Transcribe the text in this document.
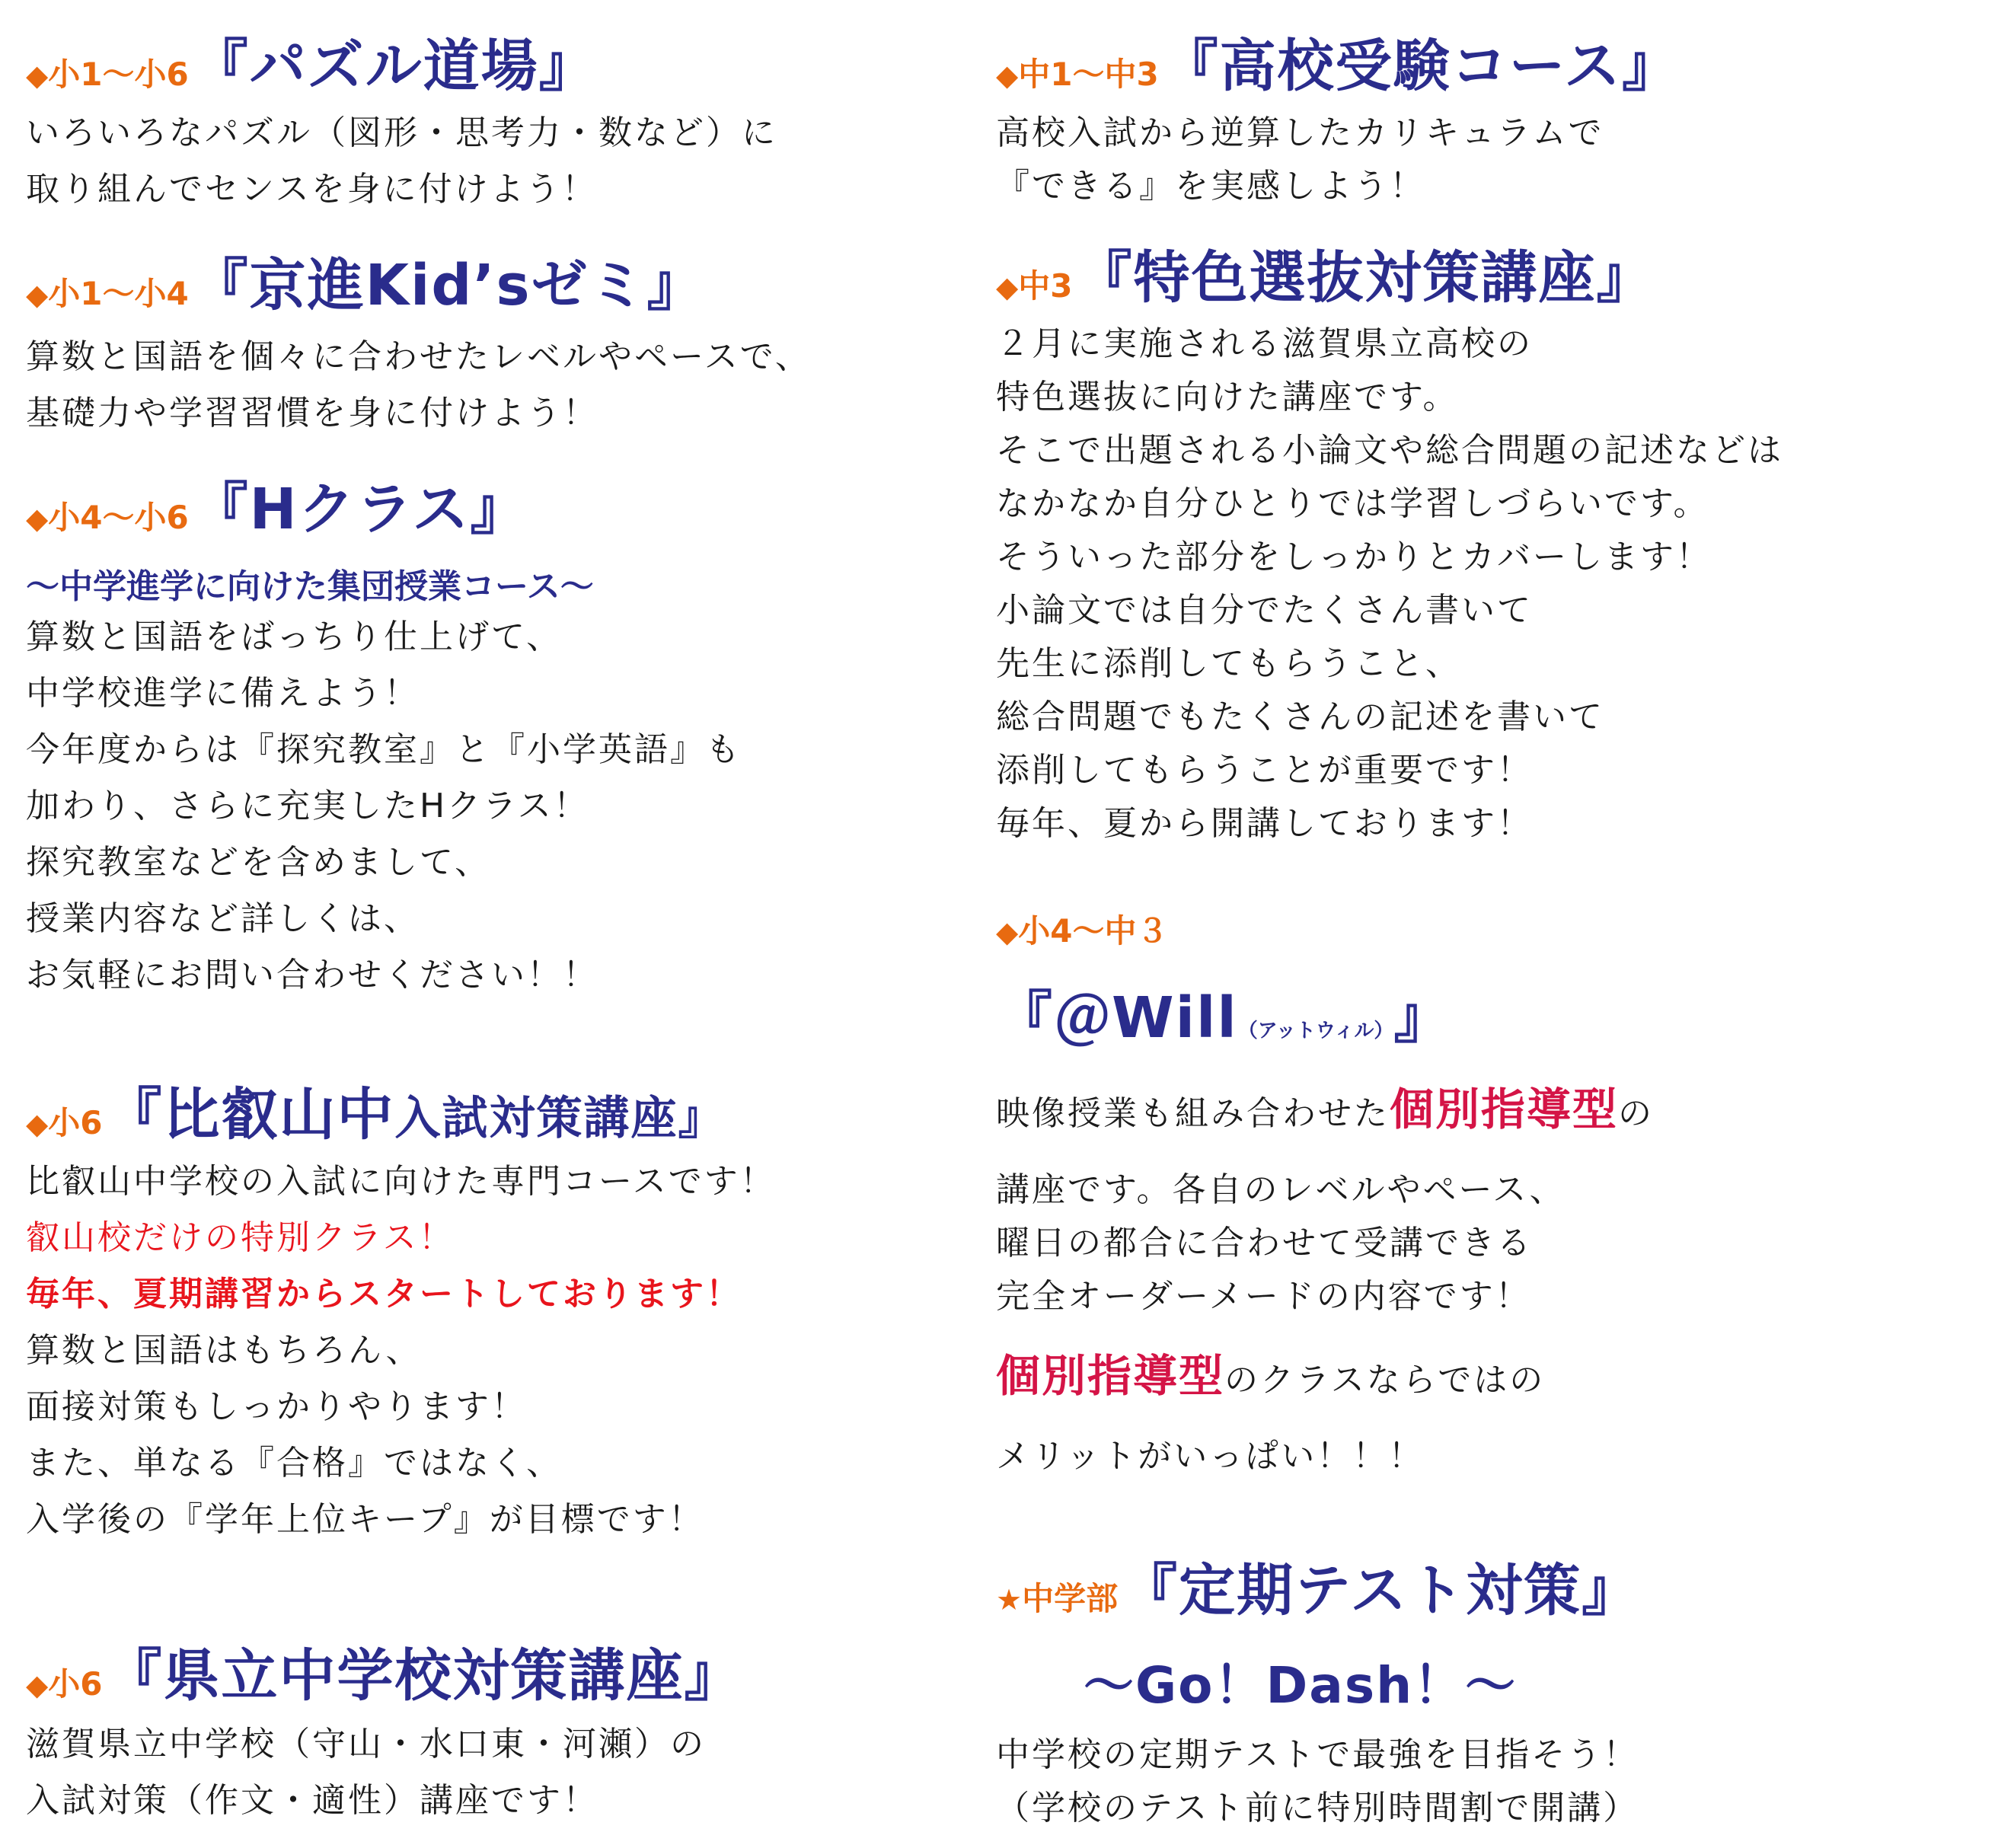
◆ 小1～小6 『パズル道場』
いろいろなパズル（図形・思考力・数など）に
取り組んでセンスを身に付けよう！
◆ 小1～小4 『京進Kid’sゼミ』
算数と国語を個々に合わせたレベルやペースで、
基礎力や学習習慣を身に付けよう！
◆ 小4～小6 『Hクラス』
～中学進学に向けた集団授業コース～
算数と国語をばっちり仕上げて、
中学校進学に備えよう！
今年度からは『探究教室』と『小学英語』も
加わり、さらに充実したHクラス！
探究教室などを含めまして、
授業内容など詳しくは、
お気軽にお問い合わせください！！
◆ 小6 『比叡山中 入試対策講座』
比叡山中学校の入試に向けた専門コースです！
叡山校だけの特別クラス！
毎年、夏期講習からスタートしております！
算数と国語はもちろん、
面接対策もしっかりやります！
また、単なる『合格』ではなく、
入学後の『学年上位キープ』が目標です！
◆ 小6 『県立中学校対策講座』
滋賀県立中学校（守山・水口東・河瀬）の
入試対策（作文・適性）講座です！
◆ 中1～中3 『高校受験コース』
高校入試から逆算したカリキュラムで
『できる』を実感しよう！
◆ 中3 『特色選抜対策講座』
２月に実施される滋賀県立高校の
特色選抜に向けた講座です。
そこで出題される小論文や総合問題の記述などは
なかなか自分ひとりでは学習しづらいです。
そういった部分をしっかりとカバーします！
小論文では自分でたくさん書いて
先生に添削してもらうこと、
総合問題でもたくさんの記述を書いて
添削してもらうことが重要です！
毎年、夏から開講しております！
◆ 小4～中３
『＠Will （アットウィル） 』
映像授業も組み合わせた個別指導型の
講座です。各自のレベルやペース、
曜日の都合に合わせて受講できる
完全オーダーメードの内容です！
個別指導型のクラスならではの
メリットがいっぱい！！！
★ 中学部 『定期テスト対策』
～Go！Dash！～
中学校の定期テストで最強を目指そう！
（学校のテスト前に特別時間割で開講）
